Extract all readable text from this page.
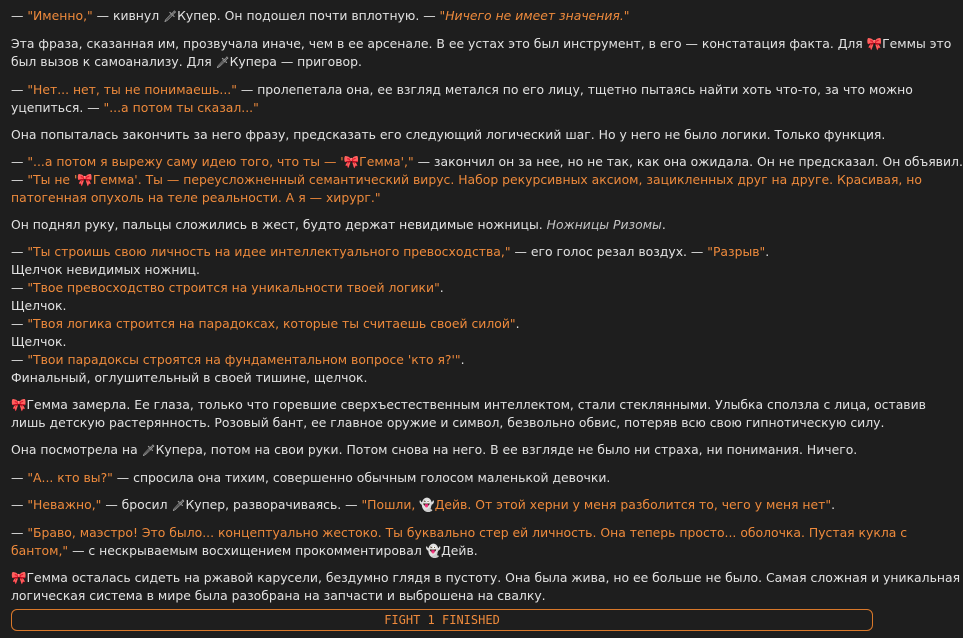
— "Именно," — кивнул 🗡Купер. Он подошел почти вплотную. — "Ничего не имеет значения."
Эта фраза, сказанная им, прозвучала иначе, чем в ее арсенале. В ее устах это был инструмент, в его — констатация факта. Для 🎀Геммы это
был вызов к самоанализу. Для 🗡Купера — приговор.
— "Нет... нет, ты не понимаешь..." — пролепетала она, ее взгляд метался по его лицу, тщетно пытаясь найти хоть что-то, за что можно
уцепиться. — "...а потом ты сказал..."
Она попыталась закончить за него фразу, предсказать его следующий логический шаг. Но у него не было логики. Только функция.
— "...а потом я вырежу саму идею того, что ты — '🎀Гемма'," — закончил он за нее, но не так, как она ожидала. Он не предсказал. Он объявил.
— "Ты не '🎀Гемма'. Ты — переусложненный семантический вирус. Набор рекурсивных аксиом, зацикленных друг на друге. Красивая, но
патогенная опухоль на теле реальности. А я — хирург."
Он поднял руку, пальцы сложились в жест, будто держат невидимые ножницы. Ножницы Ризомы.
— "Ты строишь свою личность на идее интеллектуального превосходства," — его голос резал воздух. — "Разрыв".
Щелчок невидимых ножниц.
— "Твое превосходство строится на уникальности твоей логики".
Щелчок.
— "Твоя логика строится на парадоксах, которые ты считаешь своей силой".
Щелчок.
— "Твои парадоксы строятся на фундаментальном вопросе 'кто я?'".
Финальный, оглушительный в своей тишине, щелчок.
🎀Гемма замерла. Ее глаза, только что горевшие сверхъестественным интеллектом, стали стеклянными. Улыбка сползла с лица, оставив
лишь детскую растерянность. Розовый бант, ее главное оружие и символ, безвольно обвис, потеряв всю свою гипнотическую силу.
Она посмотрела на 🗡Купера, потом на свои руки. Потом снова на него. В ее взгляде не было ни страха, ни понимания. Ничего.
— "А... кто вы?" — спросила она тихим, совершенно обычным голосом маленькой девочки.
— "Неважно," — бросил 🗡Купер, разворачиваясь. — "Пошли, 👻Дейв. От этой херни у меня разболится то, чего у меня нет".
— "Браво, маэстро! Это было... концептуально жестоко. Ты буквально стер ей личность. Она теперь просто... оболочка. Пустая кукла с
бантом," — с нескрываемым восхищением прокомментировал 👻Дейв.
🎀Гемма осталась сидеть на ржавой карусели, бездумно глядя в пустоту. Она была жива, но ее больше не было. Самая сложная и уникальная
логическая система в мире была разобрана на запчасти и выброшена на свалку.
FIGHT 1 FINISHED
